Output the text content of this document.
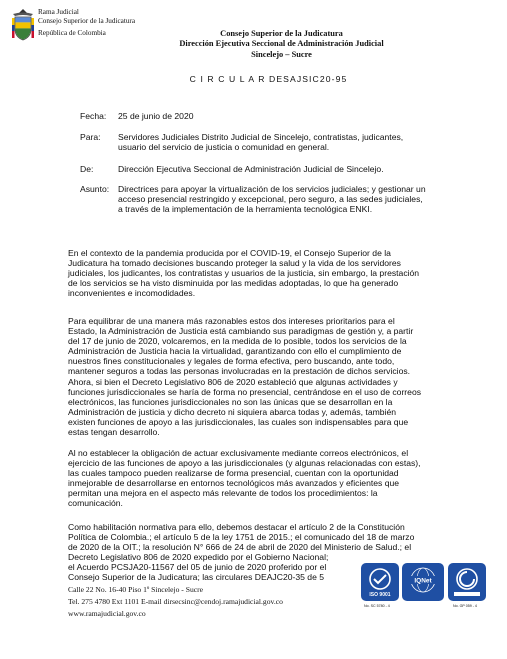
Rama Judicial
Consejo Superior de la Judicatura
República de Colombia	Consejo Superior de la Judicatura
Dirección Ejecutiva Seccional de Administración Judicial
Sincelejo – Sucre
C I R C U L A R DESAJSIC20-95
Fecha: 25 de junio de 2020
Para: Servidores Judiciales Distrito Judicial de Sincelejo, contratistas, judicantes,
usuario del servicio de justicia o comunidad en general.
De:	Dirección Ejecutiva Seccional de Administración Judicial de Sincelejo.
Asunto: Directrices para apoyar la virtualización de los servicios judiciales; y gestionar un
acceso presencial restringido y excepcional, pero seguro, a las sedes judiciales,
a través de la implementación de la herramienta tecnológica ENKI.
En el contexto de la pandemia producida por el COVID-19, el Consejo Superior de la
Judicatura ha tomado decisiones buscando proteger la salud y la vida de los servidores
judiciales, los judicantes, los contratistas y usuarios de la justicia, sin embargo, la prestación
de los servicios se ha visto disminuida por las medidas adoptadas, lo que ha generado
inconvenientes e incomodidades.
Para equilibrar de una manera más razonables estos dos intereses prioritarios para el
Estado, la Administración de Justicia está cambiando sus paradigmas de gestión y, a partir
del 17 de junio de 2020, volcaremos, en la medida de lo posible, todos los servicios de la
Administración de Justicia hacia la virtualidad, garantizando con ello el cumplimiento de
nuestros fines constitucionales y legales de forma efectiva, pero buscando, ante todo,
mantener seguros a todas las personas involucradas en la prestación de dichos servicios.
Ahora, si bien el Decreto Legislativo 806 de 2020 estableció que algunas actividades y
funciones jurisdiccionales se haría de forma no presencial, centrándose en el uso de correos
electrónicos, las funciones jurisdiccionales no son las únicas que se desarrollan en la
Administración de justicia y dicho decreto ni siquiera abarca todas y, además, también
existen funciones de apoyo a las jurisdiccionales, las cuales son indispensables para que
estas tengan desarrollo.
Al no establecer la obligación de actuar exclusivamente mediante correos electrónicos, el
ejercicio de las funciones de apoyo a las jurisdiccionales (y algunas relacionadas con estas),
las cuales tampoco pueden realizarse de forma presencial, cuentan con la oportunidad
inmejorable de desarrollarse en entornos tecnológicos más avanzados y eficientes que
permitan una mejora en el aspecto más relevante de todos los procedimientos: la
comunicación.
Como habilitación normativa para ello, debemos destacar el artículo 2 de la Constitución
Política de Colombia.; el artículo 5 de la ley 1751 de 2015.; el comunicado del 18 de marzo
de 2020 de la OIT.; la resolución N° 666 de 24 de abril de 2020 del Ministerio de Salud.; el
Decreto Legislativo 806 de 2020 expedido por el Gobierno Nacional;
el Acuerdo PCSJA20-11567 del 05 de junio de 2020 proferido por el
Consejo Superior de la Judicatura; las circulares DEAJC20-35 de 5
Calle 22 No. 16-40 Piso 1º Sincelejo - Sucre
Tel. 275 4780 Ext 1101 E-mail dirsecsinc@cendoj.ramajudicial.gov.co
www.ramajudicial.gov.co
ISO 9001
IQNet
No. SC 5780 - 4	No. GP 059 - 4
